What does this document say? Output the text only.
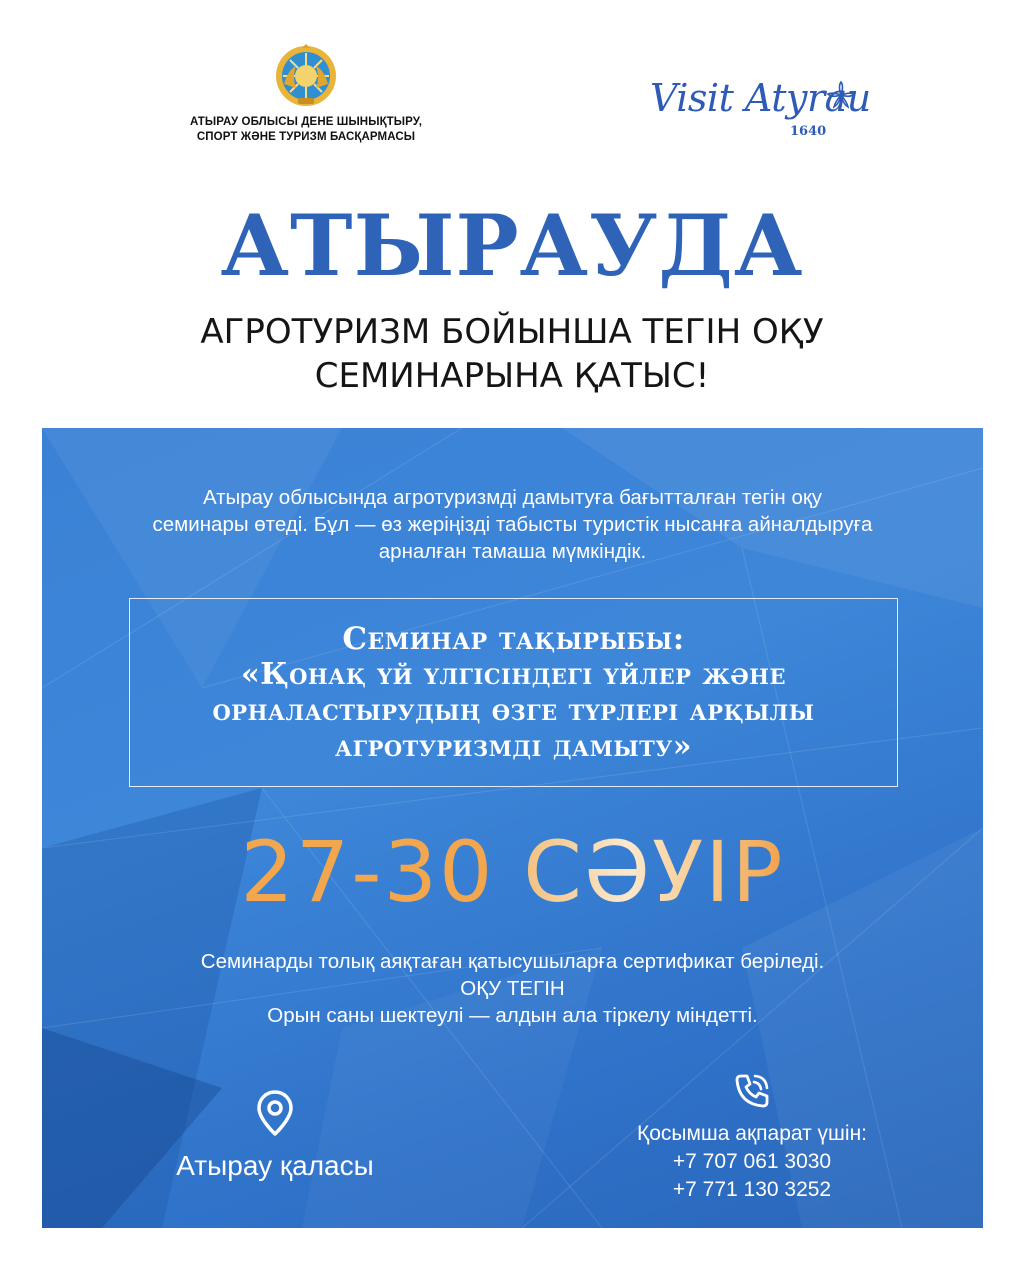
АТЫРАУ ОБЛЫСЫ ДЕНЕ ШЫНЫҚТЫРУ,
СПОРТ ЖӘНЕ ТУРИЗМ БАСҚАРМАСЫ
Visit Atyrau
1640
АТЫРАУДА
АГРОТУРИЗМ БОЙЫНША ТЕГІН ОҚУ
СЕМИНАРЫНА ҚАТЫС!
Атырау облысында агротуризмді дамытуға бағытталған тегін оқу
семинары өтеді. Бұл — өз жеріңізді табысты туристік нысанға айналдыруға
арналған тамаша мүмкіндік.
Семинар тақырыбы:
«Қонақ үй үлгісіндегі үйлер және
орналастырудың өзге түрлері арқылы
агротуризмді дамыту»
27-30 СӘУІР
Семинарды толық аяқтаған қатысушыларға сертификат беріледі.
ОҚУ ТЕГІН
Орын саны шектеулі — алдын ала тіркелу міндетті.
Атырау қаласы
Қосымша ақпарат үшін:
+7 707 061 3030
+7 771 130 3252
